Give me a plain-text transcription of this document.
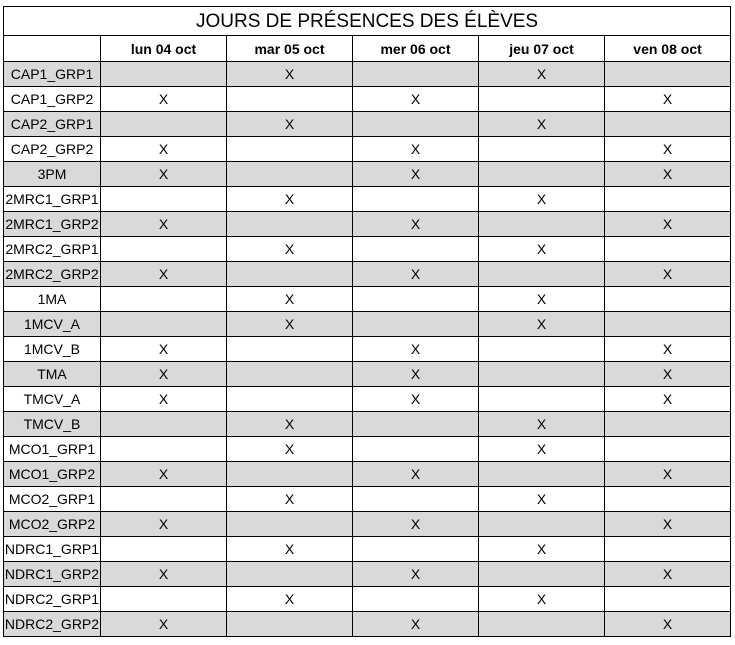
JOURS DE PRÉSENCES DES ÉLÈVES					
	lun 04 oct	mar 05 oct	mer 06 oct	jeu 07 oct	ven 08 oct
CAP1_GRP1		X		X	
CAP1_GRP2	X		X		X
CAP2_GRP1		X		X	
CAP2_GRP2	X		X		X
3PM	X		X		X
2MRC1_GRP1		X		X	
2MRC1_GRP2	X		X		X
2MRC2_GRP1		X		X	
2MRC2_GRP2	X		X		X
1MA		X		X	
1MCV_A		X		X	
1MCV_B	X		X		X
TMA	X		X		X
TMCV_A	X		X		X
TMCV_B		X		X	
MCO1_GRP1		X		X	
MCO1_GRP2	X		X		X
MCO2_GRP1		X		X	
MCO2_GRP2	X		X		X
NDRC1_GRP1		X		X	
NDRC1_GRP2	X		X		X
NDRC2_GRP1		X		X	
NDRC2_GRP2	X		X		X
